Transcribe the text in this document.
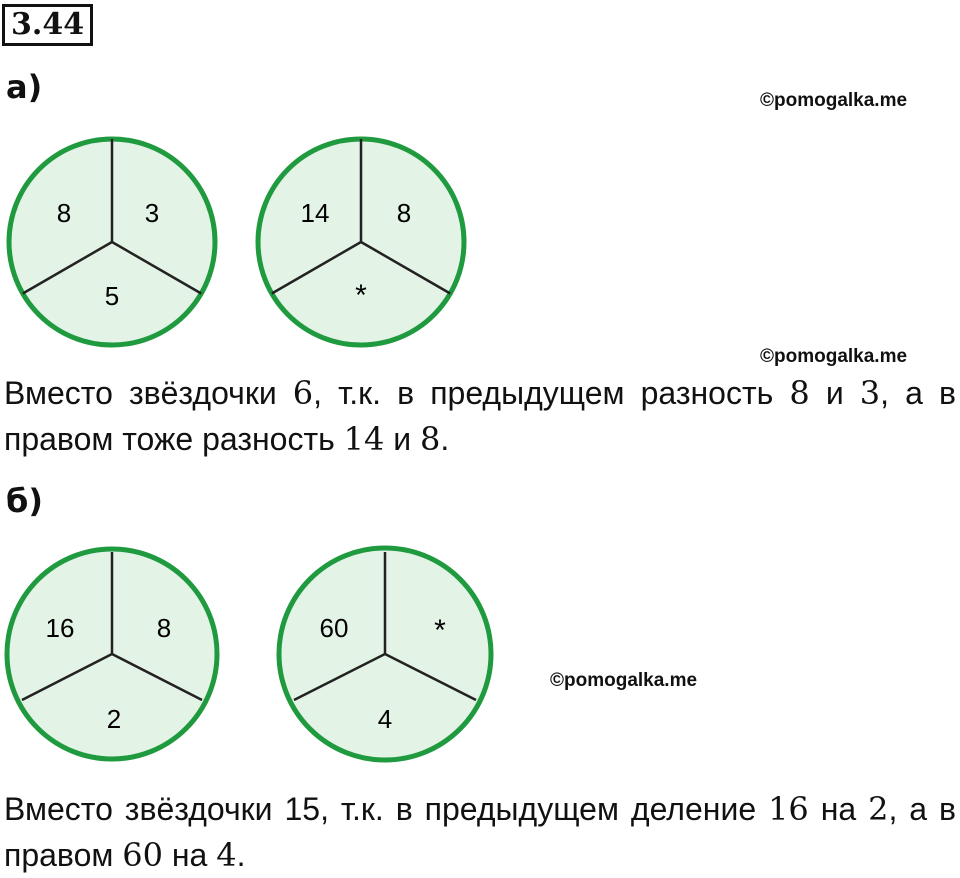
3.44
а)	©pomogalka.me
8	3
5
14	8
*
©pomogalka.me
Вместо звёздочки 6, т.к. в предыдущем разность 8 и 3, а в правом тоже разность 14 и 8.
б)
16	8
2
60	*
4
©pomogalka.me
Вместо звёздочки 15, т.к. в предыдущем деление 16 на 2, а в правом 60 на 4.
